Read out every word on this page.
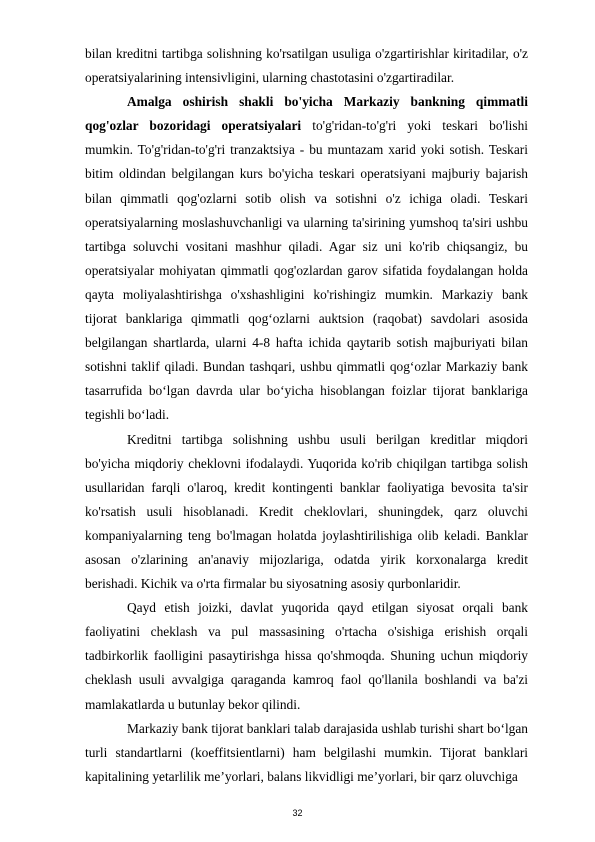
bilan kreditni tartibga solishning ko'rsatilgan usuliga o'zgartirishlar kiritadilar, o'z operatsiyalarining intensivligini, ularning chastotasini o'zgartiradilar.

Amalga oshirish shakli bo'yicha Markaziy bankning qimmatli qog'ozlar bozoridagi operatsiyalari to'g'ridan-to'g'ri yoki teskari bo'lishi mumkin. To'g'ridan-to'g'ri tranzaktsiya - bu muntazam xarid yoki sotish. Teskari bitim oldindan belgilangan kurs bo'yicha teskari operatsiyani majburiy bajarish bilan qimmatli qog'ozlarni sotib olish va sotishni o'z ichiga oladi. Teskari operatsiyalarning moslashuvchanligi va ularning ta'sirining yumshoq ta'siri ushbu tartibga soluvchi vositani mashhur qiladi. Agar siz uni ko'rib chiqsangiz, bu operatsiyalar mohiyatan qimmatli qog'ozlardan garov sifatida foydalangan holda qayta moliyalashtirishga o'xshashligini ko'rishingiz mumkin. Markaziy bank tijorat banklariga qimmatli qog‘ozlarni auktsion (raqobat) savdolari asosida belgilangan shartlarda, ularni 4-8 hafta ichida qaytarib sotish majburiyati bilan sotishni taklif qiladi. Bundan tashqari, ushbu qimmatli qog‘ozlar Markaziy bank tasarrufida bo‘lgan davrda ular bo‘yicha hisoblangan foizlar tijorat banklariga tegishli bo‘ladi.

Kreditni tartibga solishning ushbu usuli berilgan kreditlar miqdori bo'yicha miqdoriy cheklovni ifodalaydi. Yuqorida ko'rib chiqilgan tartibga solish usullaridan farqli o'laroq, kredit kontingenti banklar faoliyatiga bevosita ta'sir ko'rsatish usuli hisoblanadi. Kredit cheklovlari, shuningdek, qarz oluvchi kompaniyalarning teng bo'lmagan holatda joylashtirilishiga olib keladi. Banklar asosan o'zlarining an'anaviy mijozlariga, odatda yirik korxonalarga kredit berishadi. Kichik va o'rta firmalar bu siyosatning asosiy qurbonlaridir.

Qayd etish joizki, davlat yuqorida qayd etilgan siyosat orqali bank faoliyatini cheklash va pul massasining o'rtacha o'sishiga erishish orqali tadbirkorlik faolligini pasaytirishga hissa qo'shmoqda. Shuning uchun miqdoriy cheklash usuli avvalgiga qaraganda kamroq faol qo'llanila boshlandi va ba'zi mamlakatlarda u butunlay bekor qilindi.

Markaziy bank tijorat banklari talab darajasida ushlab turishi shart bo‘lgan turli standartlarni (koeffitsientlarni) ham belgilashi mumkin. Tijorat banklari kapitalining yetarlilik me’yorlari, balans likvidligi me’yorlari, bir qarz oluvchiga

32
